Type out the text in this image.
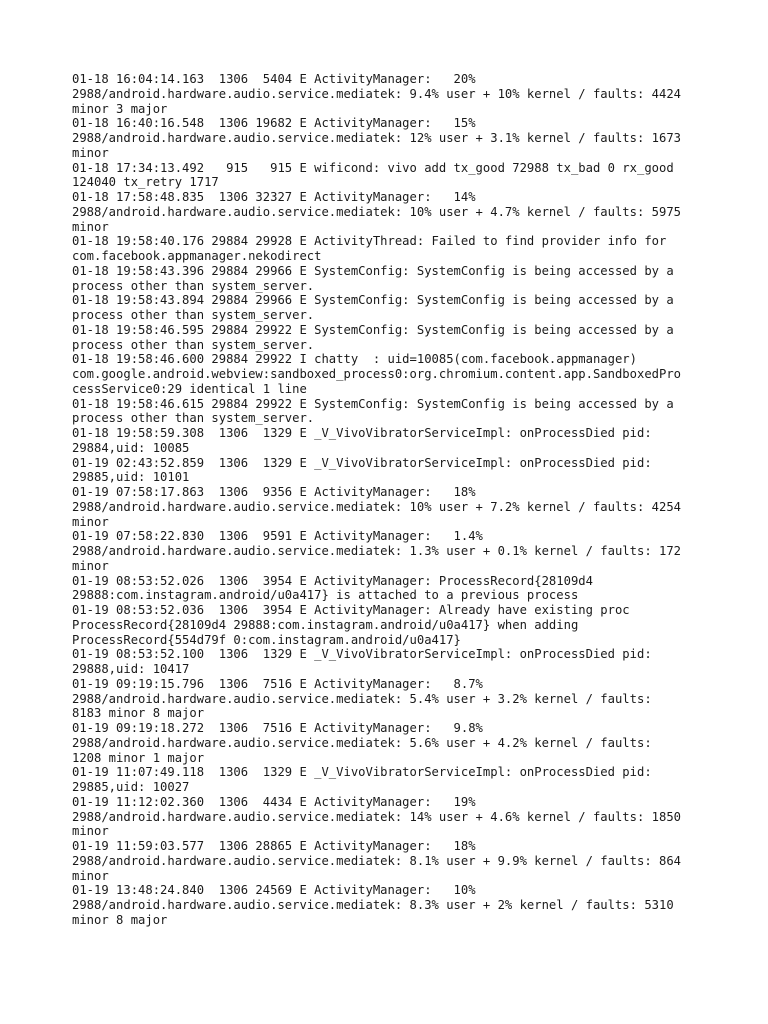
01-18 16:04:14.163  1306  5404 E ActivityManager:   20%
2988/android.hardware.audio.service.mediatek: 9.4% user + 10% kernel / faults: 4424
minor 3 major
01-18 16:40:16.548  1306 19682 E ActivityManager:   15%
2988/android.hardware.audio.service.mediatek: 12% user + 3.1% kernel / faults: 1673
minor
01-18 17:34:13.492   915   915 E wificond: vivo add tx_good 72988 tx_bad 0 rx_good
124040 tx_retry 1717
01-18 17:58:48.835  1306 32327 E ActivityManager:   14%
2988/android.hardware.audio.service.mediatek: 10% user + 4.7% kernel / faults: 5975
minor
01-18 19:58:40.176 29884 29928 E ActivityThread: Failed to find provider info for
com.facebook.appmanager.nekodirect
01-18 19:58:43.396 29884 29966 E SystemConfig: SystemConfig is being accessed by a
process other than system_server.
01-18 19:58:43.894 29884 29966 E SystemConfig: SystemConfig is being accessed by a
process other than system_server.
01-18 19:58:46.595 29884 29922 E SystemConfig: SystemConfig is being accessed by a
process other than system_server.
01-18 19:58:46.600 29884 29922 I chatty  : uid=10085(com.facebook.appmanager)
com.google.android.webview:sandboxed_process0:org.chromium.content.app.SandboxedPro
cessService0:29 identical 1 line
01-18 19:58:46.615 29884 29922 E SystemConfig: SystemConfig is being accessed by a
process other than system_server.
01-18 19:58:59.308  1306  1329 E _V_VivoVibratorServiceImpl: onProcessDied pid:
29884,uid: 10085
01-19 02:43:52.859  1306  1329 E _V_VivoVibratorServiceImpl: onProcessDied pid:
29885,uid: 10101
01-19 07:58:17.863  1306  9356 E ActivityManager:   18%
2988/android.hardware.audio.service.mediatek: 10% user + 7.2% kernel / faults: 4254
minor
01-19 07:58:22.830  1306  9591 E ActivityManager:   1.4%
2988/android.hardware.audio.service.mediatek: 1.3% user + 0.1% kernel / faults: 172
minor
01-19 08:53:52.026  1306  3954 E ActivityManager: ProcessRecord{28109d4
29888:com.instagram.android/u0a417} is attached to a previous process
01-19 08:53:52.036  1306  3954 E ActivityManager: Already have existing proc
ProcessRecord{28109d4 29888:com.instagram.android/u0a417} when adding
ProcessRecord{554d79f 0:com.instagram.android/u0a417}
01-19 08:53:52.100  1306  1329 E _V_VivoVibratorServiceImpl: onProcessDied pid:
29888,uid: 10417
01-19 09:19:15.796  1306  7516 E ActivityManager:   8.7%
2988/android.hardware.audio.service.mediatek: 5.4% user + 3.2% kernel / faults:
8183 minor 8 major
01-19 09:19:18.272  1306  7516 E ActivityManager:   9.8%
2988/android.hardware.audio.service.mediatek: 5.6% user + 4.2% kernel / faults:
1208 minor 1 major
01-19 11:07:49.118  1306  1329 E _V_VivoVibratorServiceImpl: onProcessDied pid:
29885,uid: 10027
01-19 11:12:02.360  1306  4434 E ActivityManager:   19%
2988/android.hardware.audio.service.mediatek: 14% user + 4.6% kernel / faults: 1850
minor
01-19 11:59:03.577  1306 28865 E ActivityManager:   18%
2988/android.hardware.audio.service.mediatek: 8.1% user + 9.9% kernel / faults: 864
minor
01-19 13:48:24.840  1306 24569 E ActivityManager:   10%
2988/android.hardware.audio.service.mediatek: 8.3% user + 2% kernel / faults: 5310
minor 8 major
